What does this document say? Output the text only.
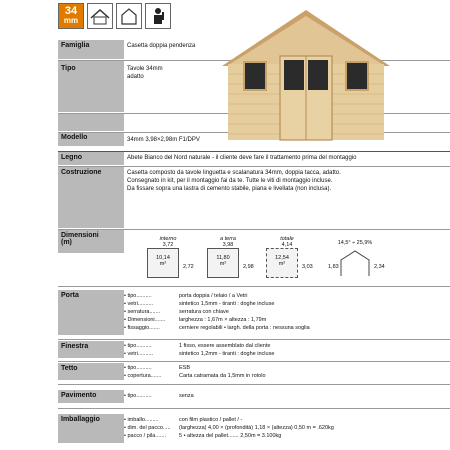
34
mm
Famiglia	Casetta doppia pendenza
Tipo	Tavole 34mm
adatto
Modello	34mm 3,98×2,98m F1/DPV
Legno	Abete Bianco del Nord naturale - il cliente deve fare il trattamento prima del montaggio
Costruzione	Casetta composto da tavole linguetta e scalanatura 34mm, doppia tacca, adatto.
Consegnato in kit, per il montaggio fai da te. Tutte le viti di montaggio incluse.
Da fissare sopra una lastra di cemento stabile, piana e livellata (non inclusa).
Dimensioni
(m)	interno
3,72
10,14
m²	2,72
a terra
3,98
11,80
m²	2,98
totale
4,14
12,54
m²	3,03
14,5° ÷ 25,9%
1,83	2,34
Porta	• tipo..........	porta doppia / telaio / a Vetri
• vetri..........	sintetico 1,5mm - tiranti : doghe incluse
• serratura.......	serratura con chiave
• Dimensioni.......	larghezza : 1,67m × altezza : 1,79m
• fissaggio.......	cerniere regolabili • largh. della porta : nessuna soglia
Finestra	• tipo..........	1 fisso, essere assemblato dal cliente
• vetri..........	sintetico 1,2mm - tiranti : doghe incluse
Tetto	• tipo..........	ESB
• copertura.......	Carta catramata da 1,5mm in rotolo
Pavimento	• tipo..........	senza
Imballaggio	• imballo.........	con film plastico / pallet / -
• dim. del pacco.....	(larghezza) 4,00 × (profondità) 1,18 × (altezza) 0,50 m = .620kg
• pacco / pila.......	5 • altezza del pallet....... 2,50m = 3.100kg
